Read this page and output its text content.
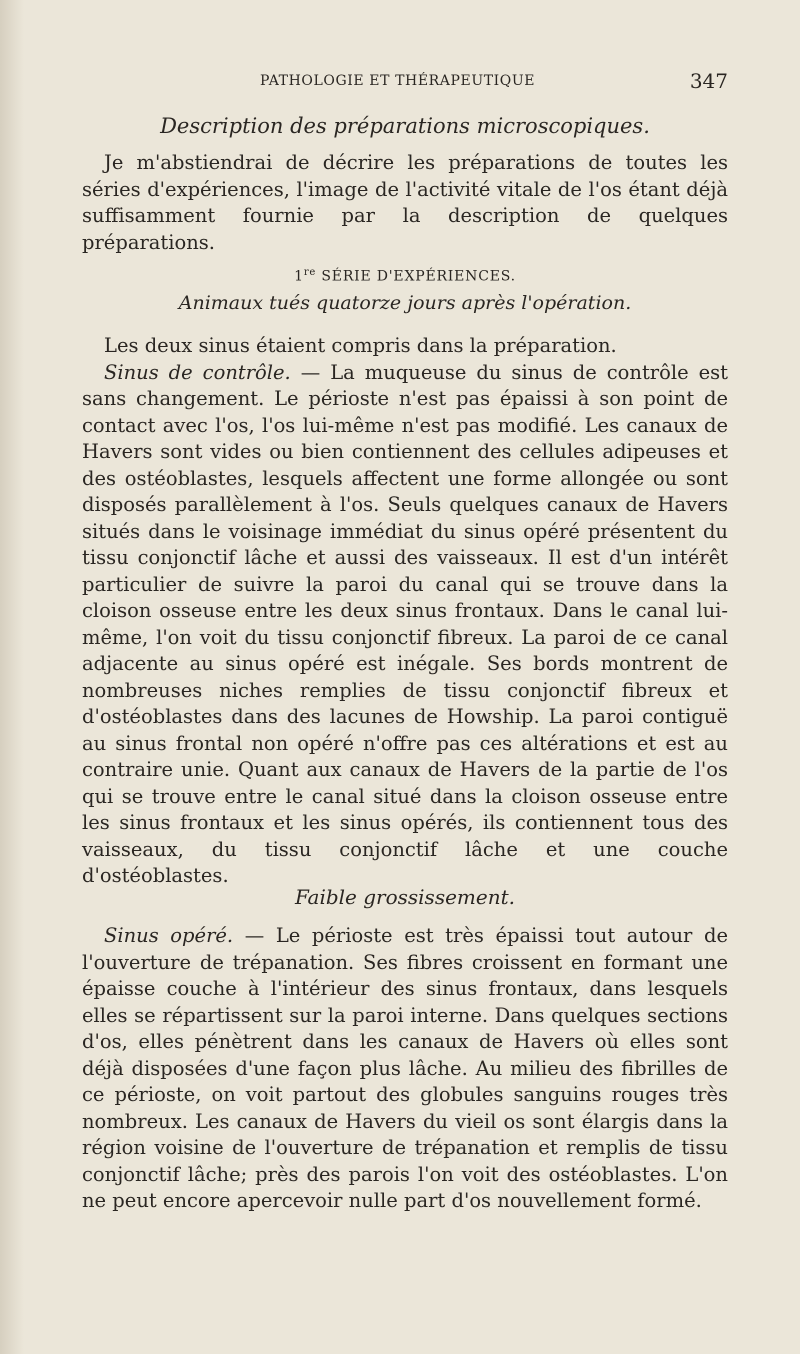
PATHOLOGIE ET THÉRAPEUTIQUE	347
Description des préparations microscopiques.

Je m'abstiendrai de décrire les préparations de toutes les séries d'expériences, l'image de l'activité vitale de l'os étant déjà suffisamment fournie par la description de quelques préparations.

1re SÉRIE D'EXPÉRIENCES.
Animaux tués quatorze jours après l'opération.

Les deux sinus étaient compris dans la préparation.

Sinus de contrôle. — La muqueuse du sinus de contrôle est sans changement. Le périoste n'est pas épaissi à son point de contact avec l'os, l'os lui-même n'est pas modifié. Les canaux de Havers sont vides ou bien contiennent des cellules adipeuses et des ostéoblastes, lesquels affectent une forme allongée ou sont disposés parallèlement à l'os. Seuls quelques canaux de Havers situés dans le voisinage immédiat du sinus opéré présentent du tissu conjonctif lâche et aussi des vaisseaux. Il est d'un intérêt particulier de suivre la paroi du canal qui se trouve dans la cloison osseuse entre les deux sinus frontaux. Dans le canal lui-même, l'on voit du tissu conjonctif fibreux. La paroi de ce canal adjacente au sinus opéré est inégale. Ses bords montrent de nombreuses niches remplies de tissu conjonctif fibreux et d'ostéoblastes dans des lacunes de Howship. La paroi contiguë au sinus frontal non opéré n'offre pas ces altérations et est au contraire unie. Quant aux canaux de Havers de la partie de l'os qui se trouve entre le canal situé dans la cloison osseuse entre les sinus frontaux et les sinus opérés, ils contiennent tous des vaisseaux, du tissu conjonctif lâche et une couche d'ostéoblastes.

Faible grossissement.

Sinus opéré. — Le périoste est très épaissi tout autour de l'ouverture de trépanation. Ses fibres croissent en formant une épaisse couche à l'intérieur des sinus frontaux, dans lesquels elles se répartissent sur la paroi interne. Dans quelques sections d'os, elles pénètrent dans les canaux de Havers où elles sont déjà disposées d'une façon plus lâche. Au milieu des fibrilles de ce périoste, on voit partout des globules sanguins rouges très nombreux. Les canaux de Havers du vieil os sont élargis dans la région voisine de l'ouverture de trépanation et remplis de tissu conjonctif lâche; près des parois l'on voit des ostéoblastes. L'on ne peut encore apercevoir nulle part d'os nouvellement formé.
